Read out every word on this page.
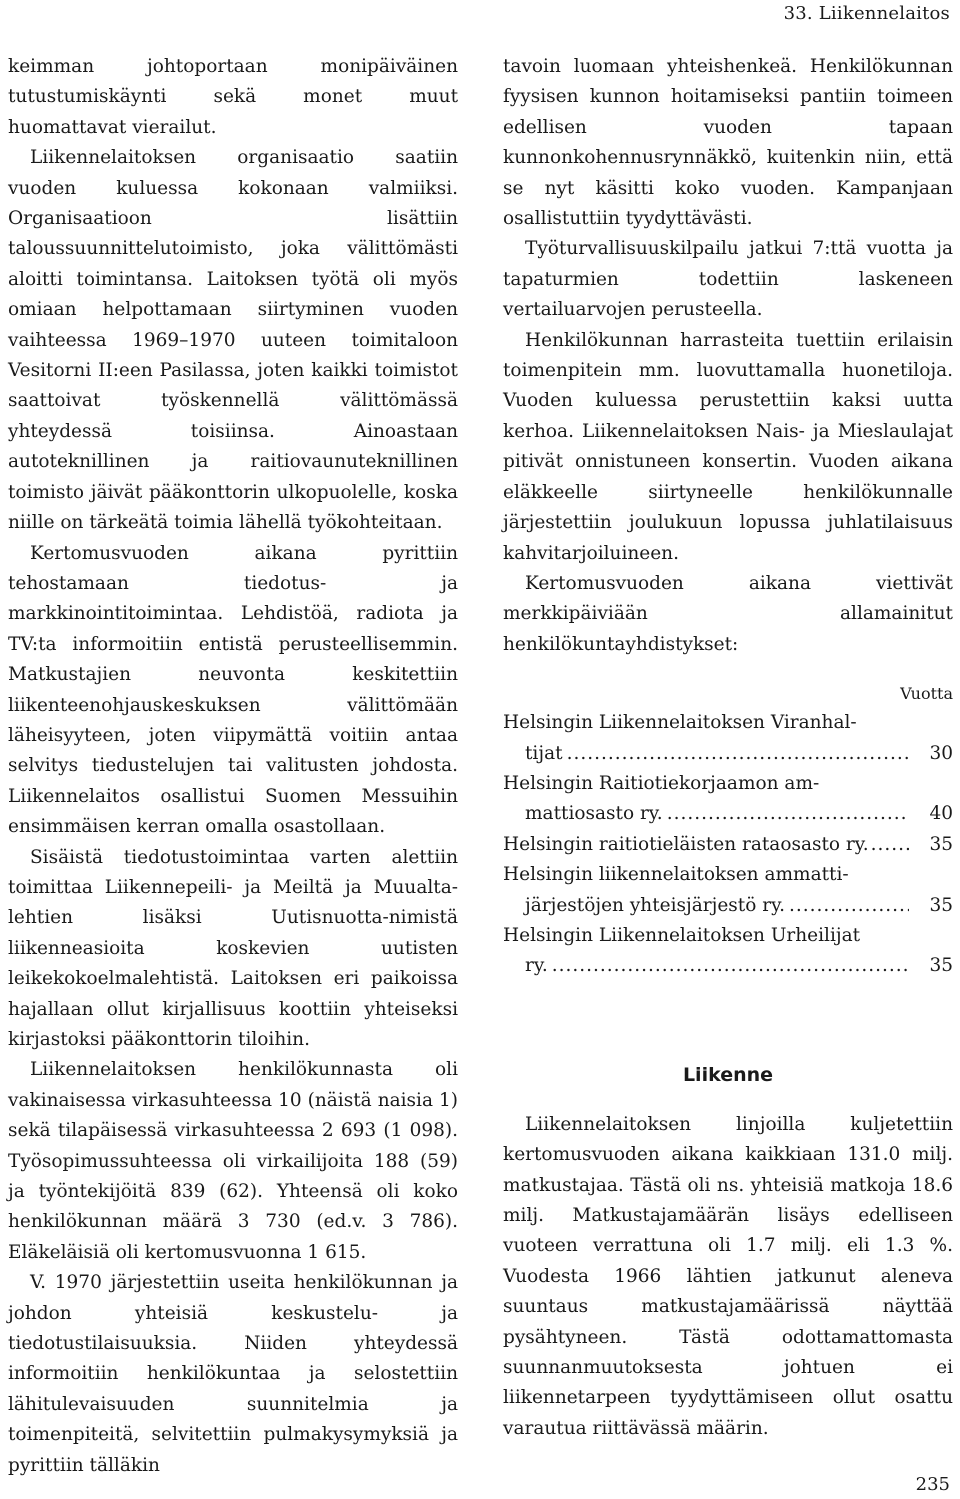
33. Liikennelaitos

keimman johtoportaan monipäiväinen tutustumiskäynti sekä monet muut huomattavat vierailut.

Liikennelaitoksen organisaatio saatiin vuoden kuluessa kokonaan valmiiksi. Organisaatioon lisättiin taloussuunnittelutoimisto, joka välittömästi aloitti toimintansa. Laitoksen työtä oli myös omiaan helpottamaan siirtyminen vuoden vaihteessa 1969–1970 uuteen toimitaloon Vesitorni II:een Pasilassa, joten kaikki toimistot saattoivat työskennellä välittömässä yhteydessä toisiinsa. Ainoastaan autoteknillinen ja raitiovaunuteknillinen toimisto jäivät pääkonttorin ulkopuolelle, koska niille on tärkeätä toimia lähellä työkohteitaan.

Kertomusvuoden aikana pyrittiin tehostamaan tiedotus- ja markkinointitoimintaa. Lehdistöä, radiota ja TV:ta informoitiin entistä perusteellisemmin. Matkustajien neuvonta keskitettiin liikenteenohjauskeskuksen välittömään läheisyyteen, joten viipymättä voitiin antaa selvitys tiedustelujen tai valitusten johdosta. Liikennelaitos osallistui Suomen Messuihin ensimmäisen kerran omalla osastollaan.

Sisäistä tiedotustoimintaa varten alettiin toimittaa Liikennepeili- ja Meiltä ja Muualta-lehtien lisäksi Uutisnuotta-nimistä liikenneasioita koskevien uutisten leikekokoelmalehtistä. Laitoksen eri paikoissa hajallaan ollut kirjallisuus koottiin yhteiseksi kirjastoksi pääkonttorin tiloihin.

Liikennelaitoksen henkilökunnasta oli vakinaisessa virkasuhteessa 10 (näistä naisia 1) sekä tilapäisessä virkasuhteessa 2 693 (1 098). Työsopimussuhteessa oli virkailijoita 188 (59) ja työntekijöitä 839 (62). Yhteensä oli koko henkilökunnan määrä 3 730 (ed.v. 3 786). Eläkeläisiä oli kertomusvuonna 1 615.

V. 1970 järjestettiin useita henkilökunnan ja johdon yhteisiä keskustelu- ja tiedotustilaisuuksia. Niiden yhteydessä informoitiin henkilökuntaa ja selostettiin lähitulevaisuuden suunnitelmia ja toimenpiteitä, selvitettiin pulmakysymyksiä ja pyrittiin tälläkin

tavoin luomaan yhteishenkeä. Henkilökunnan fyysisen kunnon hoitamiseksi pantiin toimeen edellisen vuoden tapaan kunnonkohennusrynnäkkö, kuitenkin niin, että se nyt käsitti koko vuoden. Kampanjaan osallistuttiin tyydyttävästi.

Työturvallisuuskilpailu jatkui 7:ttä vuotta ja tapaturmien todettiin laskeneen vertailuarvojen perusteella.

Henkilökunnan harrasteita tuettiin erilaisin toimenpitein mm. luovuttamalla huonetiloja. Vuoden kuluessa perustettiin kaksi uutta kerhoa. Liikennelaitoksen Nais- ja Mieslaulajat pitivät onnistuneen konsertin. Vuoden aikana eläkkeelle siirtyneelle henkilökunnalle järjestettiin joulukuun lopussa juhlatilaisuus kahvitarjoiluineen.

Kertomusvuoden aikana viettivät merkkipäiviään allamainitut henkilökuntayhdistykset:

Vuotta
Helsingin Liikennelaitoksen Viranhal-
tijat .....	30
Helsingin Raitiotiekorjaamon am-
mattiosasto ry. .....	40
Helsingin raitiotieläisten rataosasto ry. .....	35
Helsingin liikennelaitoksen ammatti-
järjestöjen yhteisjärjestö ry. .....	35
Helsingin Liikennelaitoksen Urheilijat
ry. .....	35
Liikenne

Liikennelaitoksen linjoilla kuljetettiin kertomusvuoden aikana kaikkiaan 131.0 milj. matkustajaa. Tästä oli ns. yhteisiä matkoja 18.6 milj. Matkustajamäärän lisäys edelliseen vuoteen verrattuna oli 1.7 milj. eli 1.3 %. Vuodesta 1966 lähtien jatkunut aleneva suuntaus matkustajamäärissä näyttää pysähtyneen. Tästä odottamattomasta suunnanmuutoksesta johtuen ei liikennetarpeen tyydyttämiseen ollut osattu varautua riittävässä määrin.

235
